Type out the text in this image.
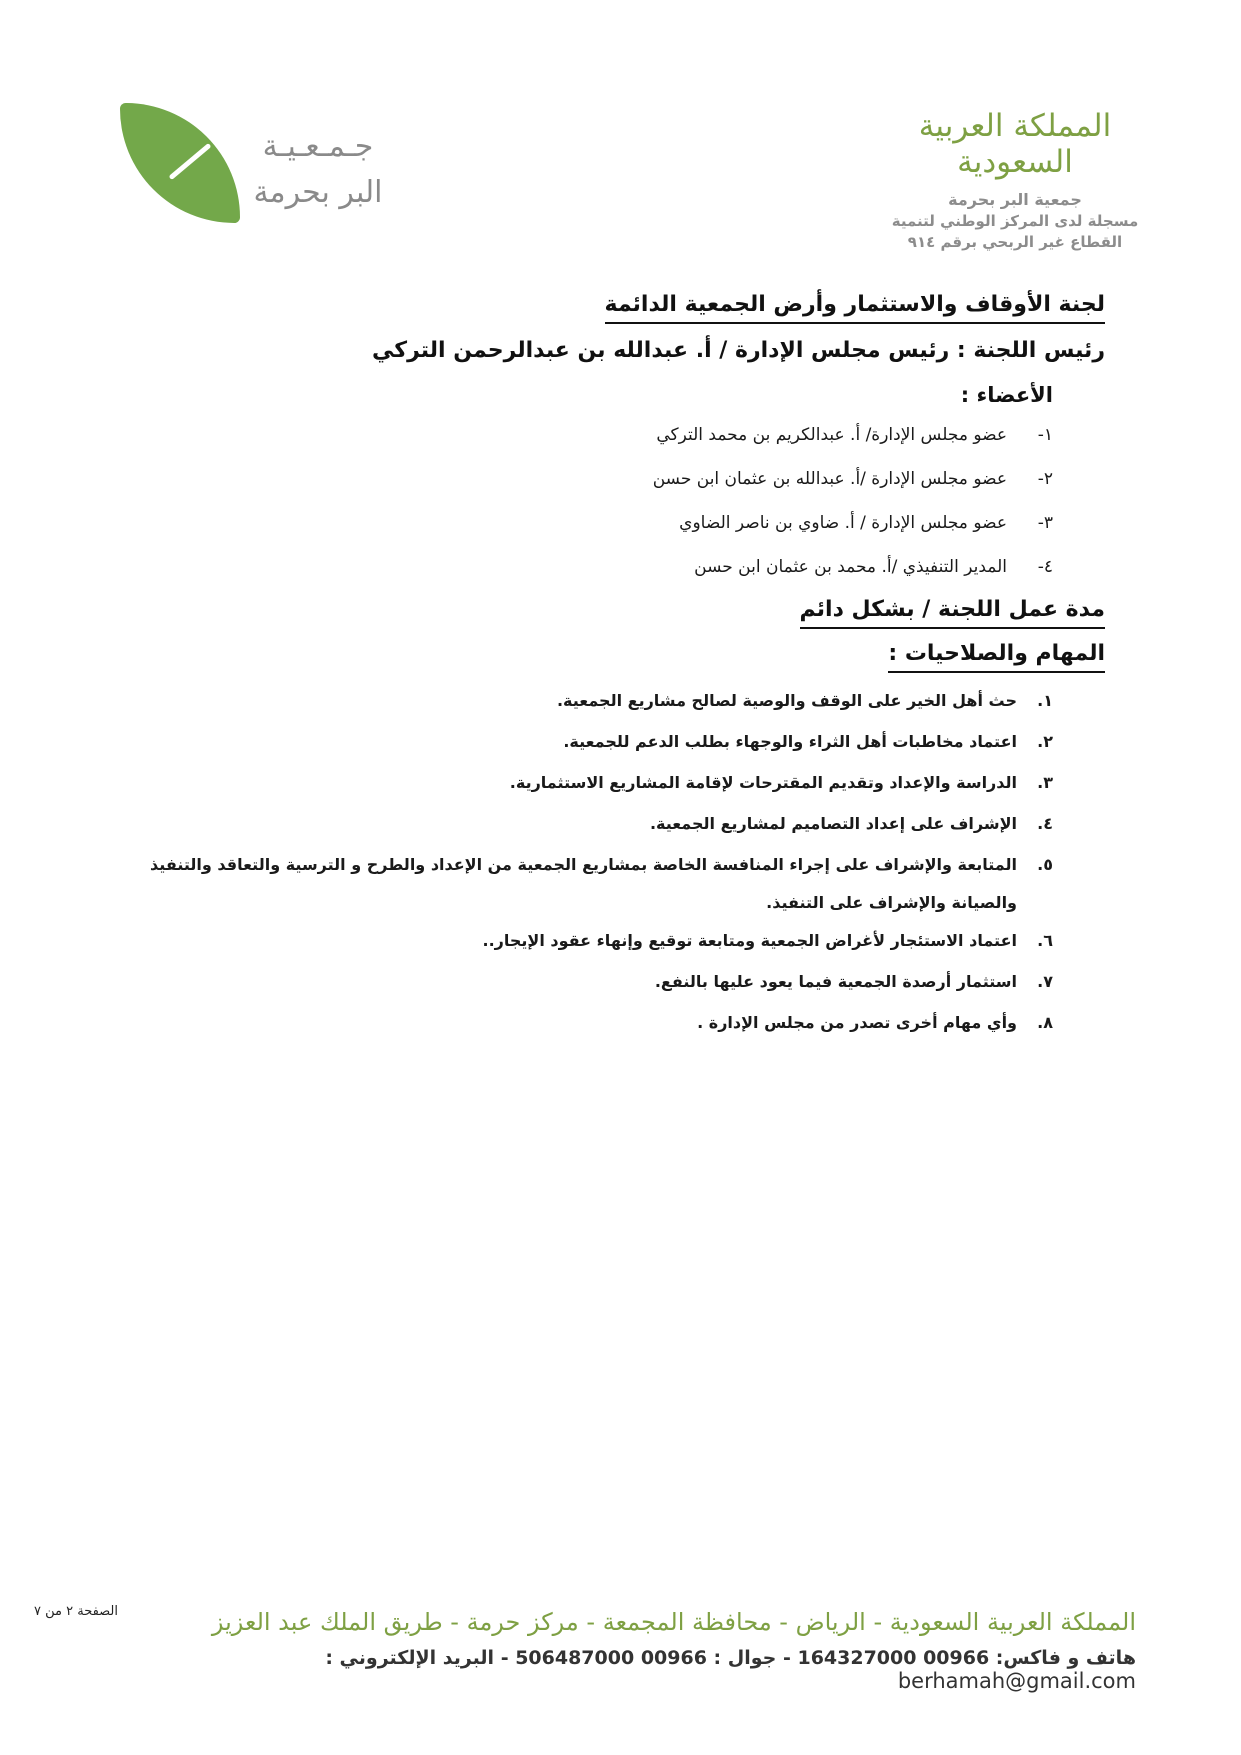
جـمـعـيـة
البر بحرمة
المملكة العربية السعودية
جمعية البر بحرمة
مسجلة لدى المركز الوطني لتنمية
القطاع غير الربحي برقم ٩١٤
لجنة الأوقاف والاستثمار وأرض الجمعية الدائمة
رئيس اللجنة : رئيس مجلس الإدارة / أ. عبدالله بن عبدالرحمن التركي
الأعضاء :
١-
عضو مجلس الإدارة/ أ. عبدالكريم بن محمد التركي
٢-
عضو مجلس الإدارة /أ. عبدالله بن عثمان ابن حسن
٣-
عضو مجلس الإدارة / أ. ضاوي بن ناصر الضاوي
٤-
المدير التنفيذي /أ. محمد بن عثمان ابن حسن
مدة عمل اللجنة / بشكل دائم
المهام والصلاحيات :
١.
حث أهل الخير على الوقف والوصية لصالح مشاريع الجمعية.
٢.
اعتماد مخاطبات أهل الثراء والوجهاء بطلب الدعم للجمعية.
٣.
الدراسة والإعداد وتقديم المقترحات لإقامة المشاريع الاستثمارية.
٤.
الإشراف على إعداد التصاميم لمشاريع الجمعية.
٥.
المتابعة والإشراف على إجراء المنافسة الخاصة بمشاريع الجمعية من الإعداد والطرح و الترسية والتعاقد والتنفيذ والصيانة والإشراف على التنفيذ.
٦.
اعتماد الاستئجار لأغراض الجمعية ومتابعة توقيع وإنهاء عقود الإيجار..
٧.
استثمار أرصدة الجمعية فيما يعود عليها بالنفع.
٨.
وأي مهام أخرى تصدر من مجلس الإدارة .
الصفحة ٢ من ٧	المملكة العربية السعودية - الرياض - محافظة المجمعة - مركز حرمة - طريق الملك عبد العزيز
هاتف و فاكس: 00966 164327000 - جوال : 00966 506487000 - البريد الإلكتروني : berhamah@gmail.com
